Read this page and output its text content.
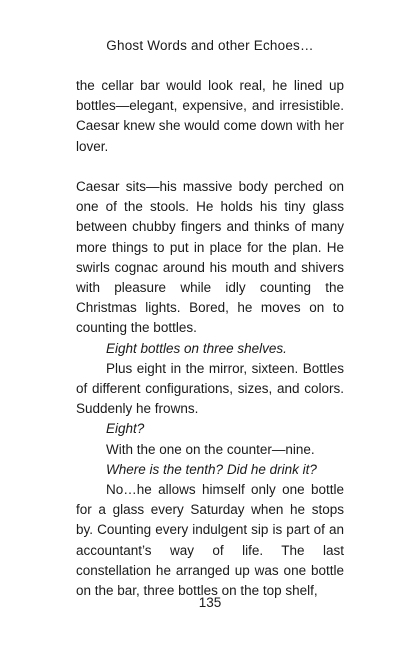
Ghost Words and other Echoes…

the cellar bar would look real, he lined up bottles—elegant, expensive, and irresistible. Caesar knew she would come down with her lover.

Caesar sits—his massive body perched on one of the stools. He holds his tiny glass between chubby fingers and thinks of many more things to put in place for the plan. He swirls cognac around his mouth and shivers with pleasure while idly counting the Christmas lights. Bored, he moves on to counting the bottles.

Eight bottles on three shelves.

Plus eight in the mirror, sixteen. Bottles of different configurations, sizes, and colors. Suddenly he frowns.

Eight?

With the one on the counter—nine.

Where is the tenth? Did he drink it?

No…he allows himself only one bottle for a glass every Saturday when he stops by. Counting every indulgent sip is part of an accountant’s way of life. The last constellation he arranged up was one bottle on the bar, three bottles on the top shelf,

135
